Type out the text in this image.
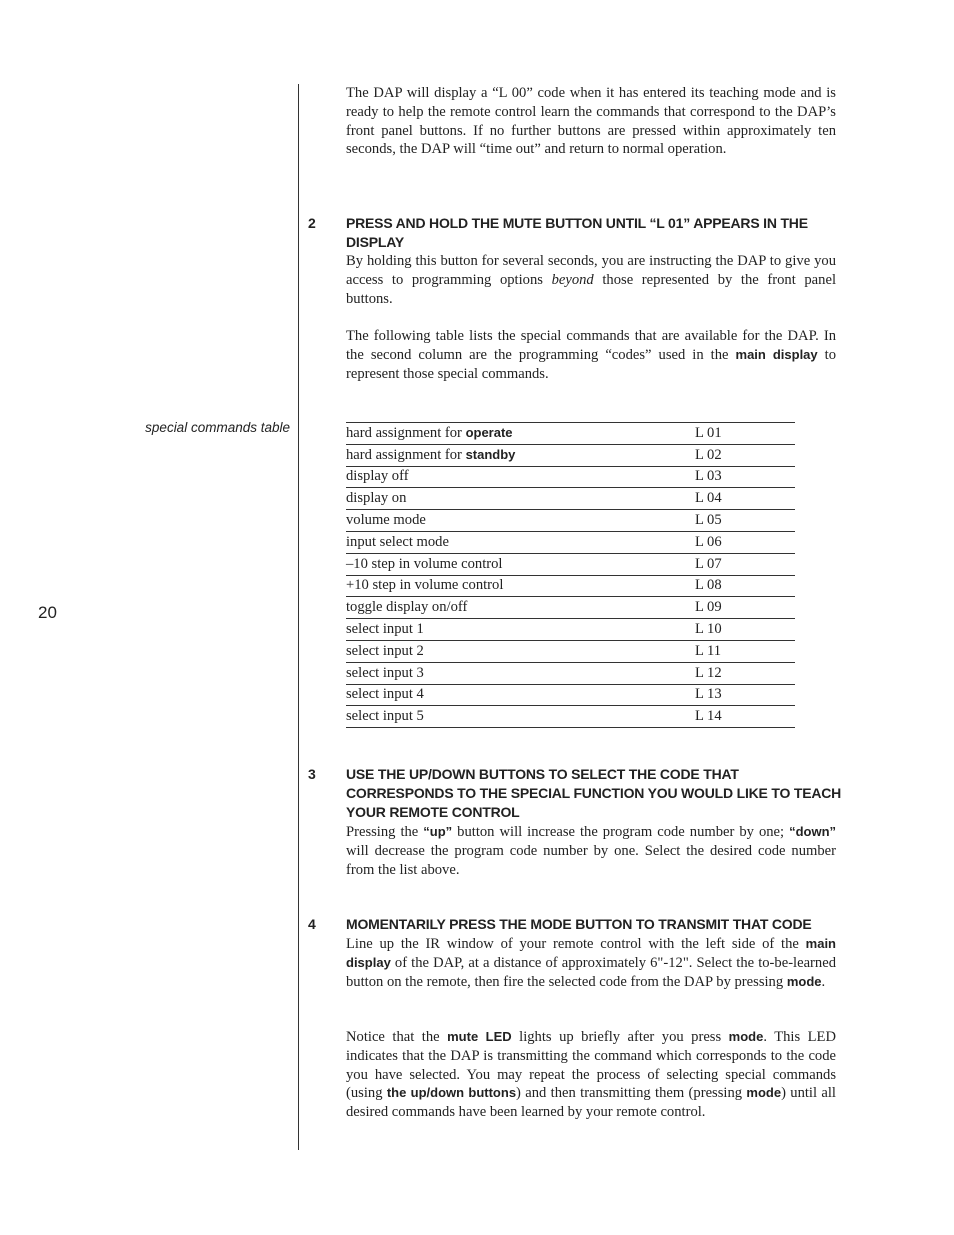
special commands table
20

The DAP will display a “L 00” code when it has entered its teaching mode and is ready to help the remote control learn the commands that correspond to the DAP’s front panel buttons. If no further buttons are pressed within approximately ten seconds, the DAP will “time out” and return to normal operation.

2 PRESS AND HOLD THE MUTE BUTTON UNTIL “L 01” APPEARS IN THE DISPLAY

By holding this button for several seconds, you are instructing the DAP to give you access to programming options beyond those represented by the front panel buttons.

The following table lists the special commands that are available for the DAP. In the second column are the programming “codes” used in the main display to represent those special commands.

hard assignment for operate	L 01
hard assignment for standby	L 02
display off	L 03
display on	L 04
volume mode	L 05
input select mode	L 06
–10 step in volume control	L 07
+10 step in volume control	L 08
toggle display on/off	L 09
select input 1	L 10
select input 2	L 11
select input 3	L 12
select input 4	L 13
select input 5	L 14
3 USE THE UP/DOWN BUTTONS TO SELECT THE CODE THAT CORRESPONDS TO THE SPECIAL FUNCTION YOU WOULD LIKE TO TEACH YOUR REMOTE CONTROL

Pressing the “up” button will increase the program code number by one; “down” will decrease the program code number by one. Select the desired code number from the list above.

4 MOMENTARILY PRESS THE MODE BUTTON TO TRANSMIT THAT CODE

Line up the IR window of your remote control with the left side of the main display of the DAP, at a distance of approximately 6"-12". Select the to-be-learned button on the remote, then fire the selected code from the DAP by pressing mode.

Notice that the mute LED lights up briefly after you press mode. This LED indicates that the DAP is transmitting the command which corresponds to the code you have selected. You may repeat the process of selecting special commands (using the up/down buttons) and then transmitting them (pressing mode) until all desired commands have been learned by your remote control.
